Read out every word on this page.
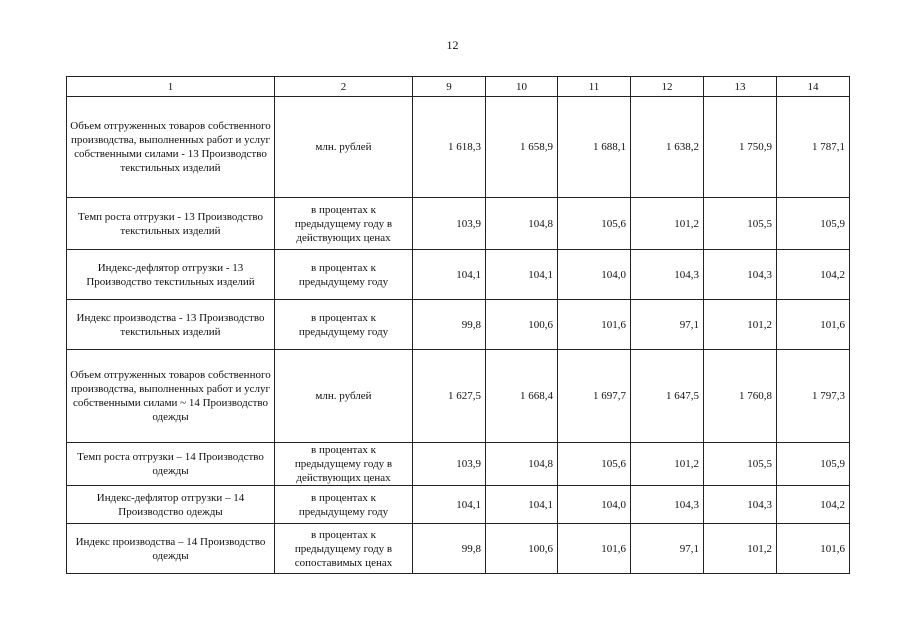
12
1	2	9	10	11	12	13	14
Объем отгруженных товаров собственного производства, выполненных работ и услуг собственными силами - 13 Производство текстильных изделий	млн. рублей	1 618,3	1 658,9	1 688,1	1 638,2	1 750,9	1 787,1
Темп роста отгрузки - 13 Производство текстильных изделий	в процентах к предыдущему году в действующих ценах	103,9	104,8	105,6	101,2	105,5	105,9
Индекс-дефлятор отгрузки - 13 Производство текстильных изделий	в процентах к предыдущему году	104,1	104,1	104,0	104,3	104,3	104,2
Индекс производства - 13 Производство текстильных изделий	в процентах к предыдущему году	99,8	100,6	101,6	97,1	101,2	101,6
Объем отгруженных товаров собственного производства, выполненных работ и услуг собственными силами ~ 14 Производство одежды	млн. рублей	1 627,5	1 668,4	1 697,7	1 647,5	1 760,8	1 797,3
Темп роста отгрузки – 14 Производство одежды	в процентах к предыдущему году в действующих ценах	103,9	104,8	105,6	101,2	105,5	105,9
Индекс-дефлятор отгрузки – 14 Производство одежды	в процентах к предыдущему году	104,1	104,1	104,0	104,3	104,3	104,2
Индекс производства – 14 Производство одежды	в процентах к предыдущему году в сопоставимых ценах	99,8	100,6	101,6	97,1	101,2	101,6
